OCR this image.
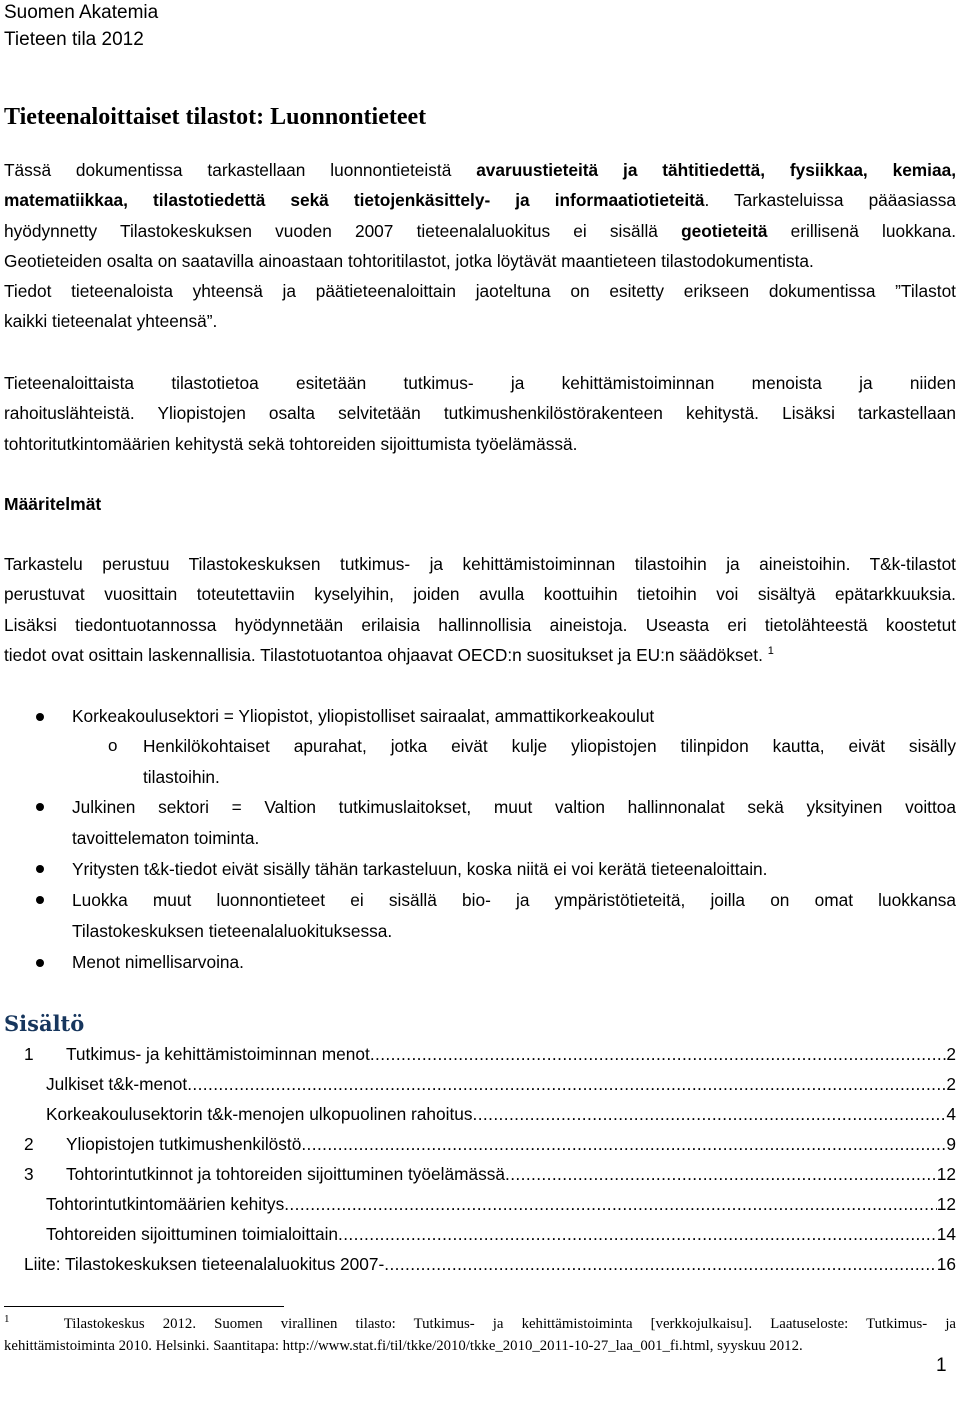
Suomen Akatemia
Tieteen tila 2012
Tieteenaloittaiset tilastot: Luonnontieteet
Tässä dokumentissa tarkastellaan luonnontieteistä avaruustieteitä ja tähtitiedettä, fysiikkaa, kemiaa,
matematiikkaa, tilastotiedettä sekä tietojenkäsittely- ja informaatiotieteitä. Tarkasteluissa pääasiassa
hyödynnetty Tilastokeskuksen vuoden 2007 tieteenalaluokitus ei sisällä geotieteitä erillisenä luokkana.
Geotieteiden osalta on saatavilla ainoastaan tohtoritilastot, jotka löytävät maantieteen tilastodokumentista.
Tiedot tieteenaloista yhteensä ja päätieteenaloittain jaoteltuna on esitetty erikseen dokumentissa ”Tilastot
kaikki tieteenalat yhteensä”.
Tieteenaloittaista tilastotietoa esitetään tutkimus- ja kehittämistoiminnan menoista ja niiden
rahoituslähteistä. Yliopistojen osalta selvitetään tutkimushenkilöstörakenteen kehitystä. Lisäksi tarkastellaan
tohtoritutkintomäärien kehitystä sekä tohtoreiden sijoittumista työelämässä.
Määritelmät
Tarkastelu perustuu Tilastokeskuksen tutkimus- ja kehittämistoiminnan tilastoihin ja aineistoihin. T&k-tilastot
perustuvat vuosittain toteutettaviin kyselyihin, joiden avulla koottuihin tietoihin voi sisältyä epätarkkuuksia.
Lisäksi tiedontuotannossa hyödynnetään erilaisia hallinnollisia aineistoja. Useasta eri tietolähteestä koostetut
tiedot ovat osittain laskennallisia. Tilastotuotantoa ohjaavat OECD:n suositukset ja EU:n säädökset. $^1$
Korkeakoulusektori = Yliopistot, yliopistolliset sairaalat, ammattikorkeakoulut
o Henkilökohtaiset apurahat, jotka eivät kulje yliopistojen tilinpidon kautta, eivät sisälly
tilastoihin.
Julkinen sektori = Valtion tutkimuslaitokset, muut valtion hallinnonalat sekä yksityinen voittoa
tavoittelematon toiminta.
Yritysten t&k-tiedot eivät sisälly tähän tarkasteluun, koska niitä ei voi kerätä tieteenaloittain.
Luokka muut luonnontieteet ei sisällä bio- ja ympäristötieteitä, joilla on omat luokkansa
Tilastokeskuksen tieteenalaluokituksessa.
Menot nimellisarvoina.
Sisältö
1	Tutkimus- ja kehittämistoiminnan menot . . .	2
Julkiset t&k-menot . . .	2
Korkeakoulusektorin t&k-menojen ulkopuolinen rahoitus . . .	4
2	Yliopistojen tutkimushenkilöstö . . .	9
3	Tohtorintutkinnot ja tohtoreiden sijoittuminen työelämässä . . .	12
Tohtorintutkintomäärien kehitys . . .	12
Tohtoreiden sijoittuminen toimialoittain . . .	14
Liite: Tilastokeskuksen tieteenalaluokitus 2007- . . .	16
$^1$	Tilastokeskus 2012. Suomen virallinen tilasto: Tutkimus- ja kehittämistoiminta [verkkojulkaisu]. Laatuseloste: Tutkimus- ja
kehittämistoiminta 2010. Helsinki. Saantitapa: http://www.stat.fi/til/tkke/2010/tkke_2010_2011-10-27_laa_001_fi.html, syyskuu 2012.
1
